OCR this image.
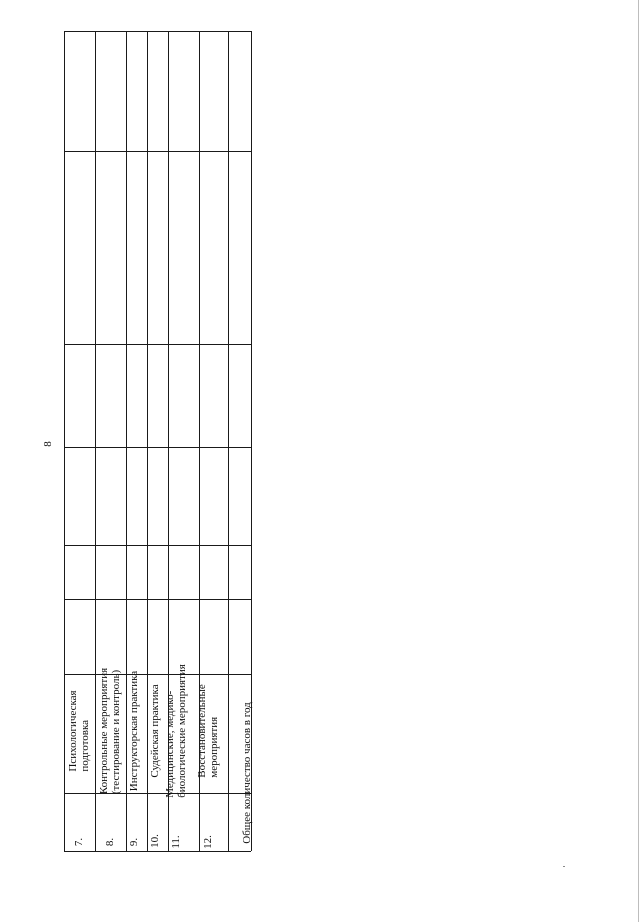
8
7.
Психологическая подготовка
8.
Контрольные мероприятия (тестирование и контроль)
9.
Инструкторская практика
10.
Судейская практика
11.
Медицинские, медико- биологические мероприятия
12.
Восстановительные мероприятия Общее количество часов в год
